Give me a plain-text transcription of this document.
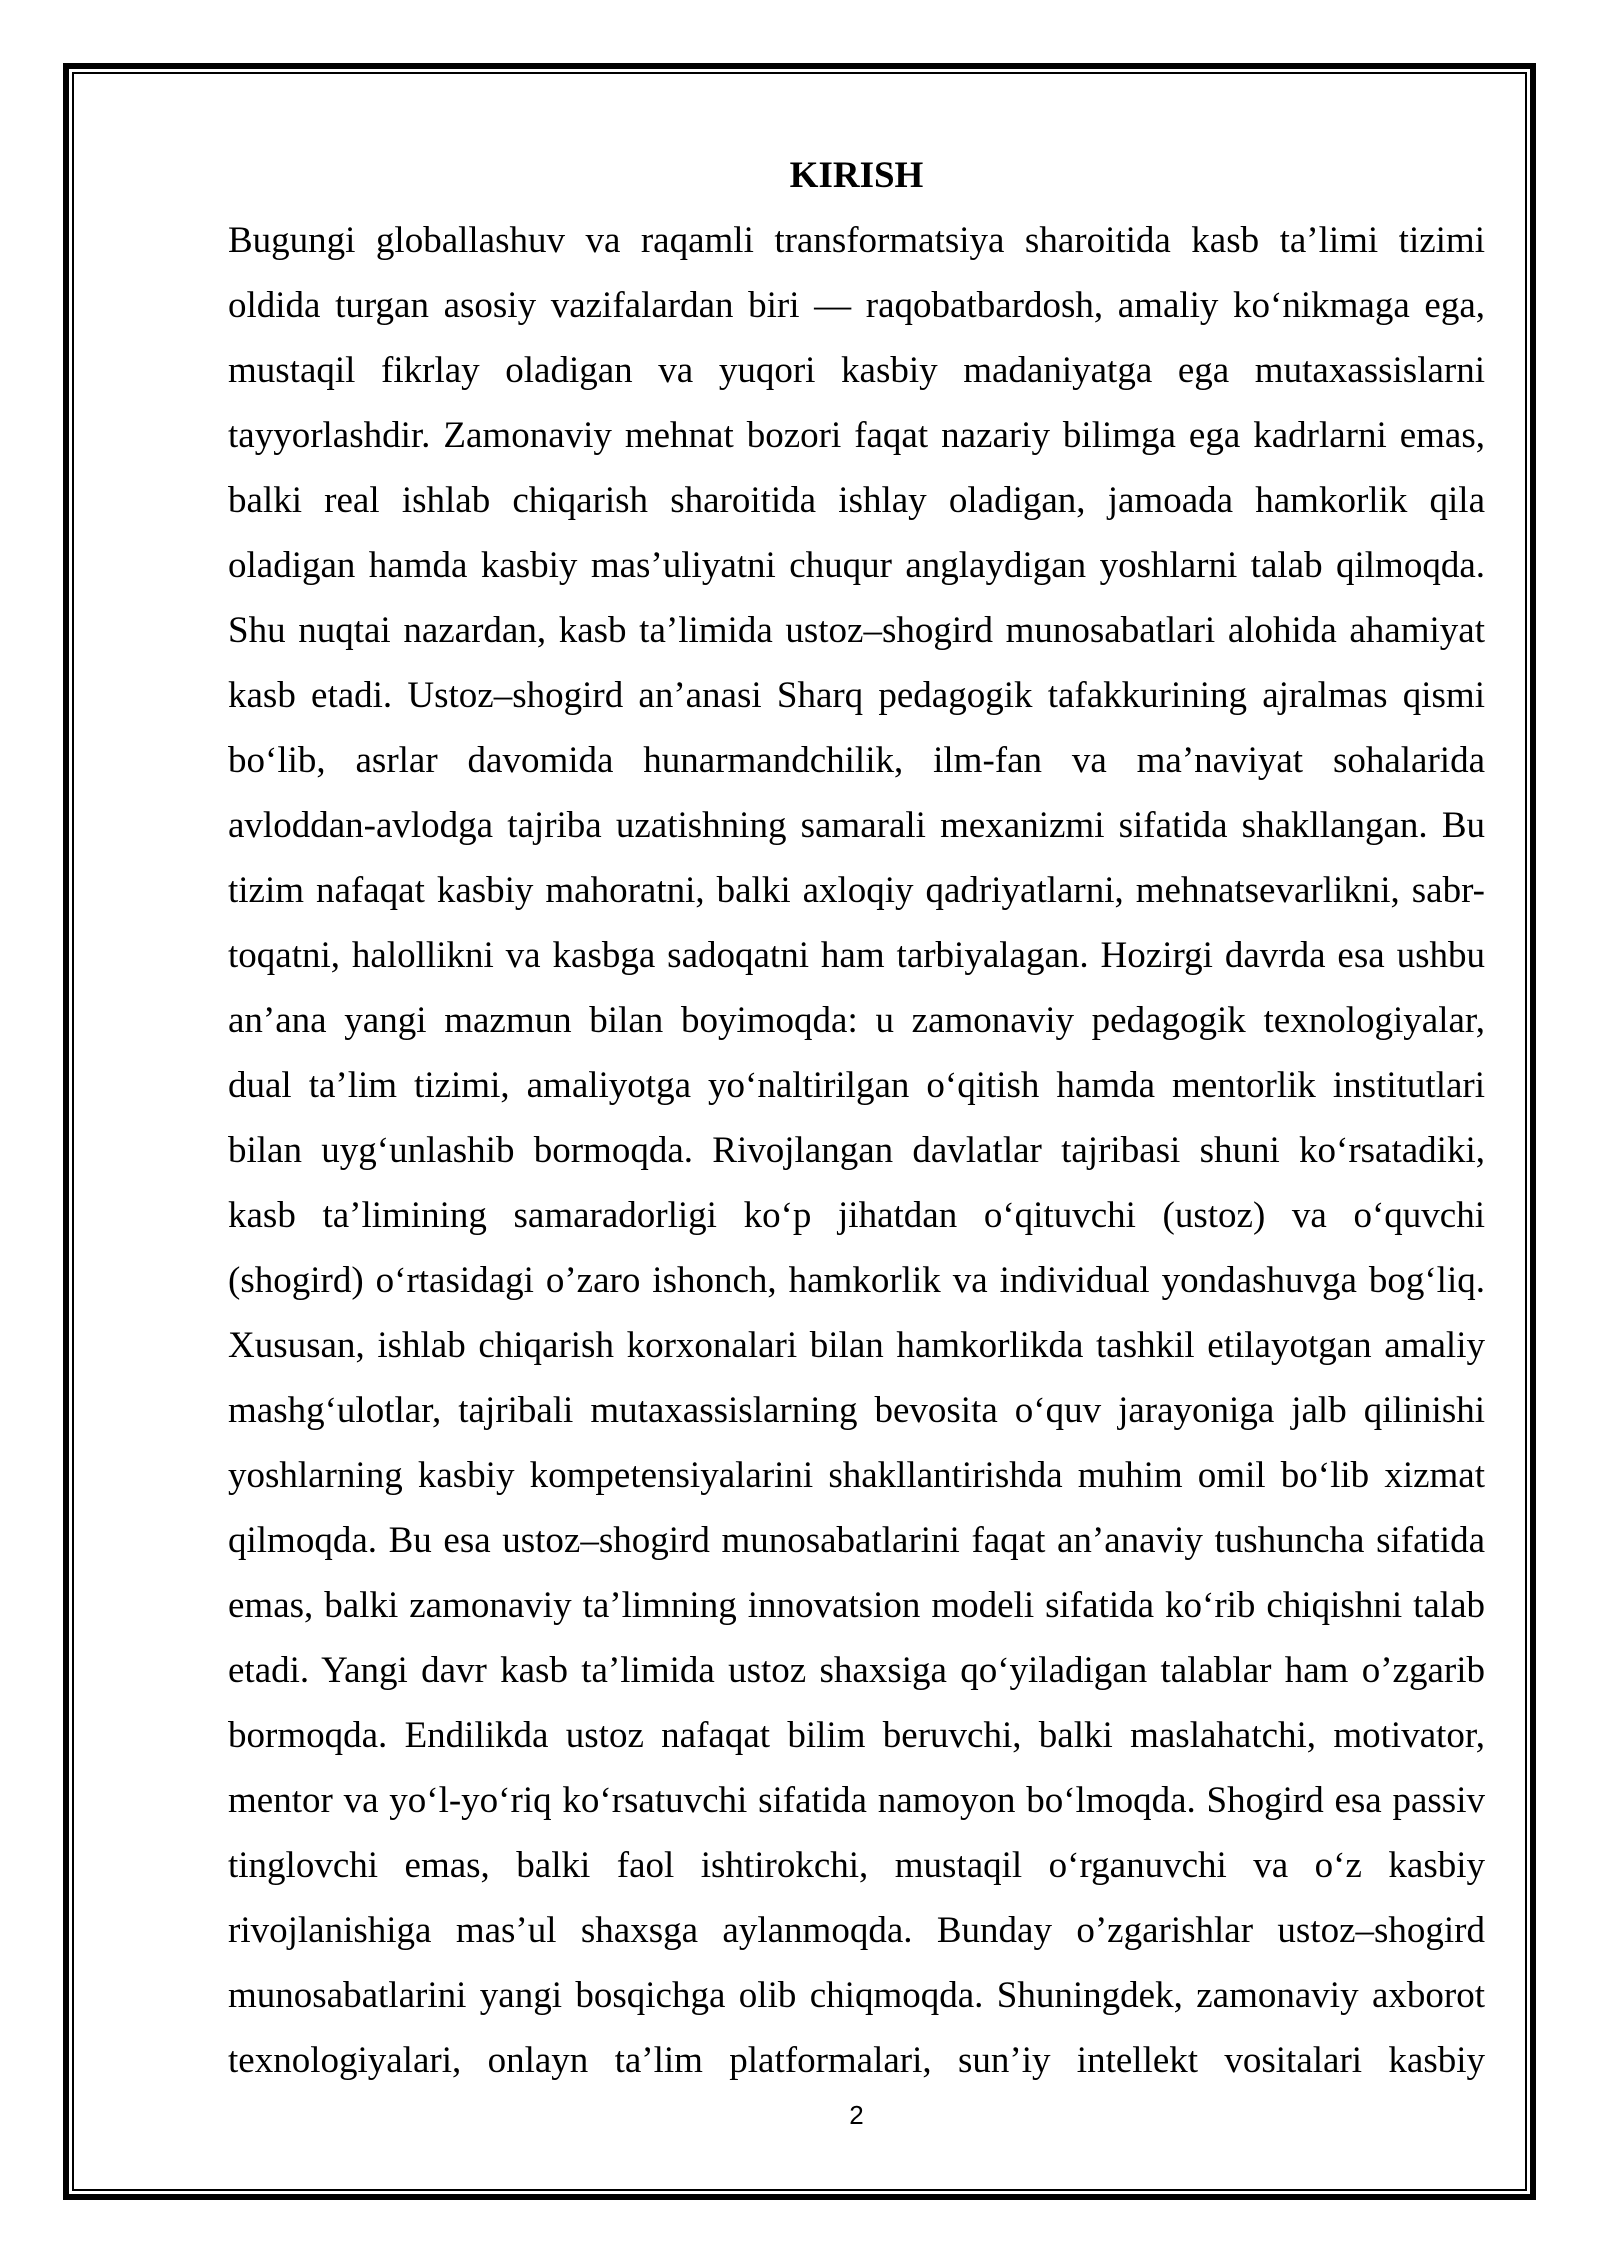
KIRISH
Bugungi globallashuv va raqamli transformatsiya sharoitida kasb ta’limi tizimi
oldida turgan asosiy vazifalardan biri — raqobatbardosh, amaliy ko‘nikmaga ega,
mustaqil fikrlay oladigan va yuqori kasbiy madaniyatga ega mutaxassislarni
tayyorlashdir. Zamonaviy mehnat bozori faqat nazariy bilimga ega kadrlarni emas,
balki real ishlab chiqarish sharoitida ishlay oladigan, jamoada hamkorlik qila
oladigan hamda kasbiy mas’uliyatni chuqur anglaydigan yoshlarni talab qilmoqda.
Shu nuqtai nazardan, kasb ta’limida ustoz–shogird munosabatlari alohida ahamiyat
kasb etadi. Ustoz–shogird an’anasi Sharq pedagogik tafakkurining ajralmas qismi
bo‘lib, asrlar davomida hunarmandchilik, ilm-fan va ma’naviyat sohalarida
avloddan-avlodga tajriba uzatishning samarali mexanizmi sifatida shakllangan. Bu
tizim nafaqat kasbiy mahoratni, balki axloqiy qadriyatlarni, mehnatsevarlikni, sabr-
toqatni, halollikni va kasbga sadoqatni ham tarbiyalagan. Hozirgi davrda esa ushbu
an’ana yangi mazmun bilan boyimoqda: u zamonaviy pedagogik texnologiyalar,
dual ta’lim tizimi, amaliyotga yo‘naltirilgan o‘qitish hamda mentorlik institutlari
bilan uyg‘unlashib bormoqda. Rivojlangan davlatlar tajribasi shuni ko‘rsatadiki,
kasb ta’limining samaradorligi ko‘p jihatdan o‘qituvchi (ustoz) va o‘quvchi
(shogird) o‘rtasidagi o’zaro ishonch, hamkorlik va individual yondashuvga bog‘liq.
Xususan, ishlab chiqarish korxonalari bilan hamkorlikda tashkil etilayotgan amaliy
mashg‘ulotlar, tajribali mutaxassislarning bevosita o‘quv jarayoniga jalb qilinishi
yoshlarning kasbiy kompetensiyalarini shakllantirishda muhim omil bo‘lib xizmat
qilmoqda. Bu esa ustoz–shogird munosabatlarini faqat an’anaviy tushuncha sifatida
emas, balki zamonaviy ta’limning innovatsion modeli sifatida ko‘rib chiqishni talab
etadi. Yangi davr kasb ta’limida ustoz shaxsiga qo‘yiladigan talablar ham o’zgarib
bormoqda. Endilikda ustoz nafaqat bilim beruvchi, balki maslahatchi, motivator,
mentor va yo‘l-yo‘riq ko‘rsatuvchi sifatida namoyon bo‘lmoqda. Shogird esa passiv
tinglovchi emas, balki faol ishtirokchi, mustaqil o‘rganuvchi va o‘z kasbiy
rivojlanishiga mas’ul shaxsga aylanmoqda. Bunday o’zgarishlar ustoz–shogird
munosabatlarini yangi bosqichga olib chiqmoqda. Shuningdek, zamonaviy axborot
texnologiyalari, onlayn ta’lim platformalari, sun’iy intellekt vositalari kasbiy
2
